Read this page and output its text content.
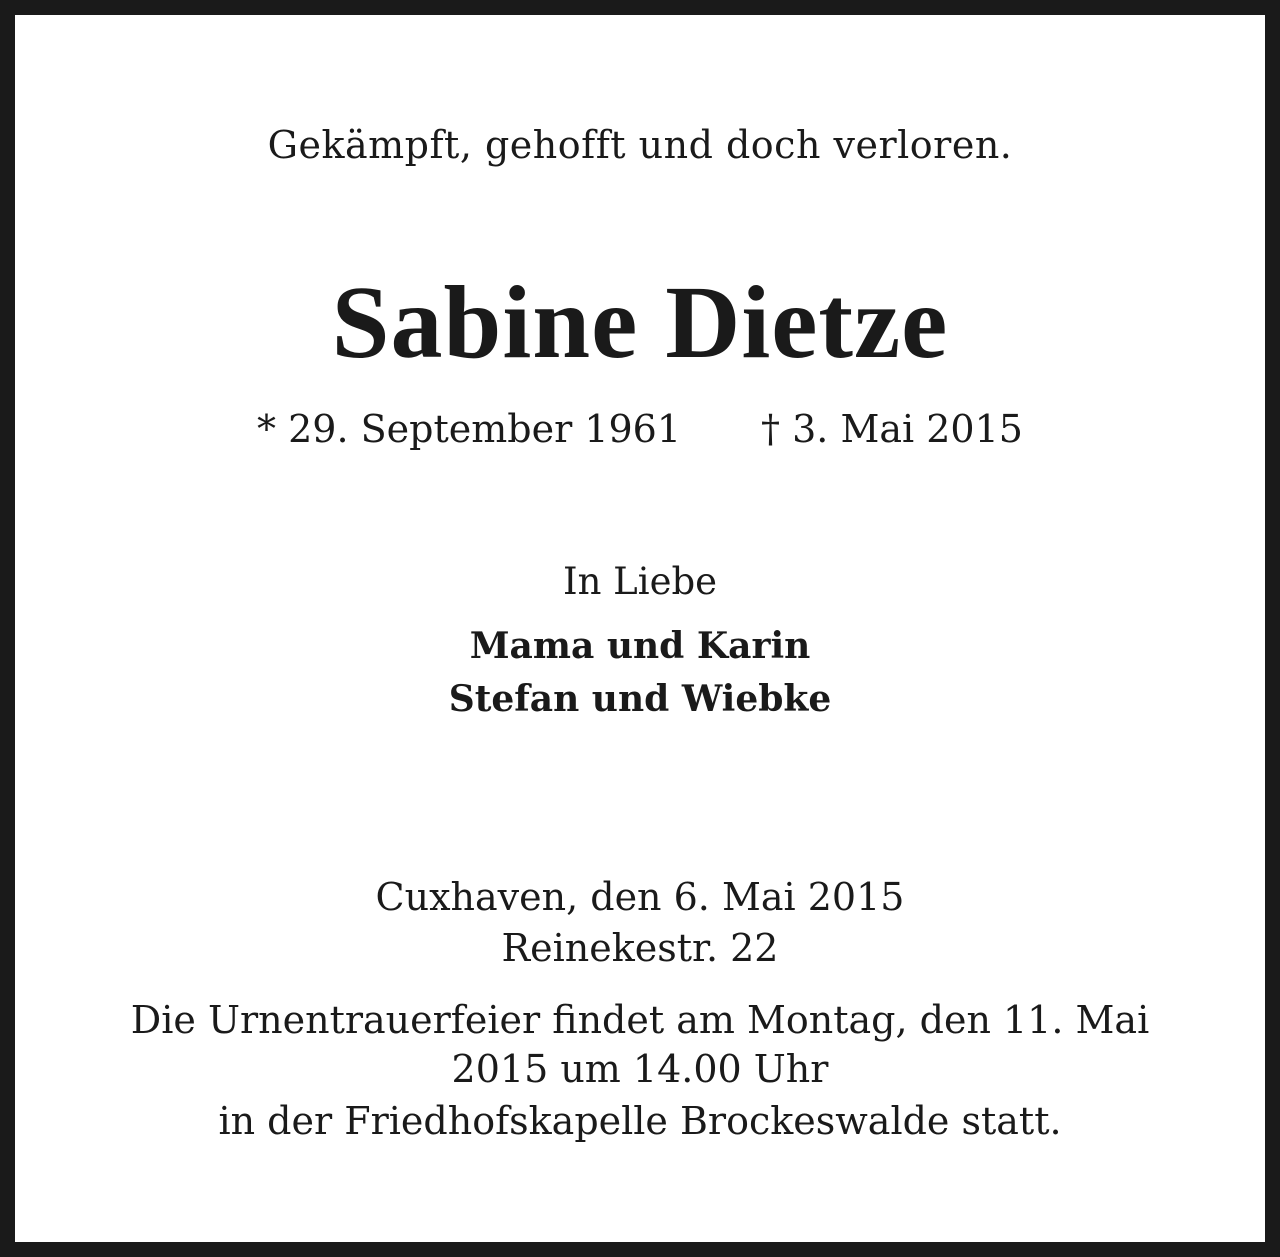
Gekämpft, gehofft und doch verloren.
Sabine Dietze
* 29. September 1961 † 3. Mai 2015
In Liebe
Mama und Karin
Stefan und Wiebke
Cuxhaven, den 6. Mai 2015
Reinekestr. 22
Die Urnentrauerfeier findet am Montag, den 11. Mai
2015 um 14.00 Uhr
in der Friedhofskapelle Brockeswalde statt.
